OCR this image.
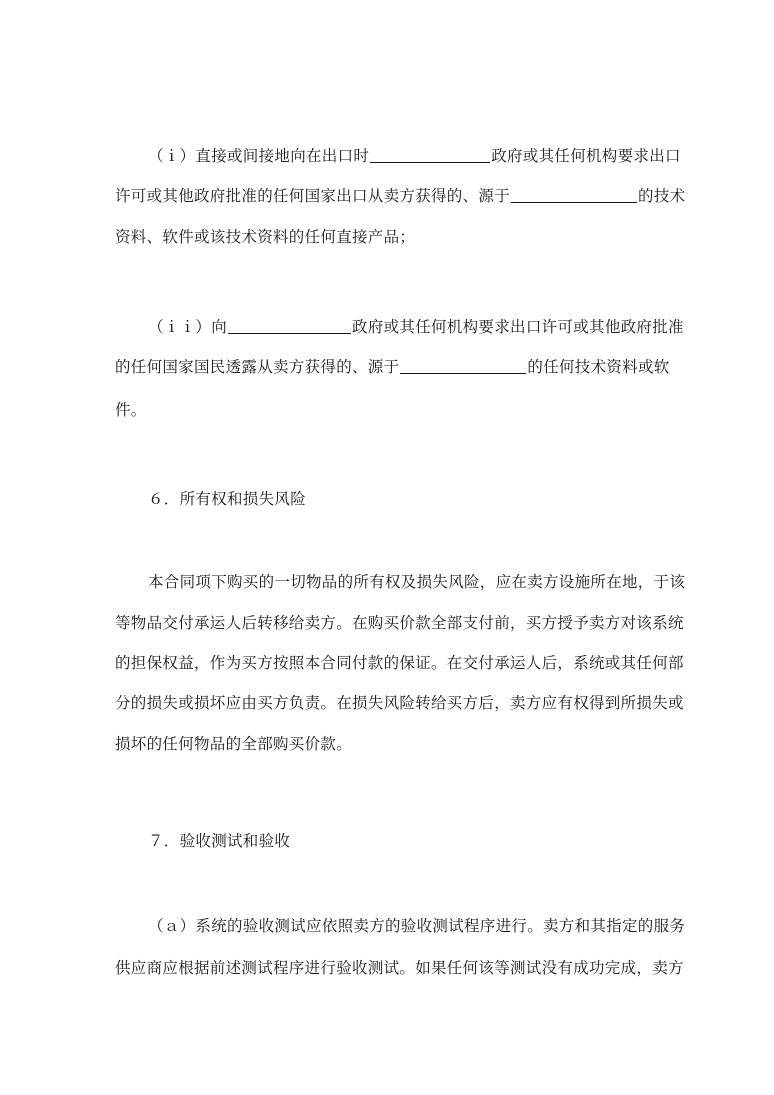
（ｉ）直接或间接地向在出口时	政府或其任何机构要求出口
许可或其他政府批准的任何国家出口从卖方获得的、源于	的技术
资料、软件或该技术资料的任何直接产品；
（ｉｉ）向	政府或其任何机构要求出口许可或其他政府批准
的任何国家国民透露从卖方获得的、源于	的任何技术资料或软
件。
６．所有权和损失风险
本合同项下购买的一切物品的所有权及损失风险，应在卖方设施所在地，于该
等物品交付承运人后转移给卖方。在购买价款全部支付前，买方授予卖方对该系统
的担保权益，作为买方按照本合同付款的保证。在交付承运人后，系统或其任何部
分的损失或损坏应由买方负责。在损失风险转给买方后，卖方应有权得到所损失或
损坏的任何物品的全部购买价款。
７．验收测试和验收
（ａ）系统的验收测试应依照卖方的验收测试程序进行。卖方和其指定的服务
供应商应根据前述测试程序进行验收测试。如果任何该等测试没有成功完成，卖方
